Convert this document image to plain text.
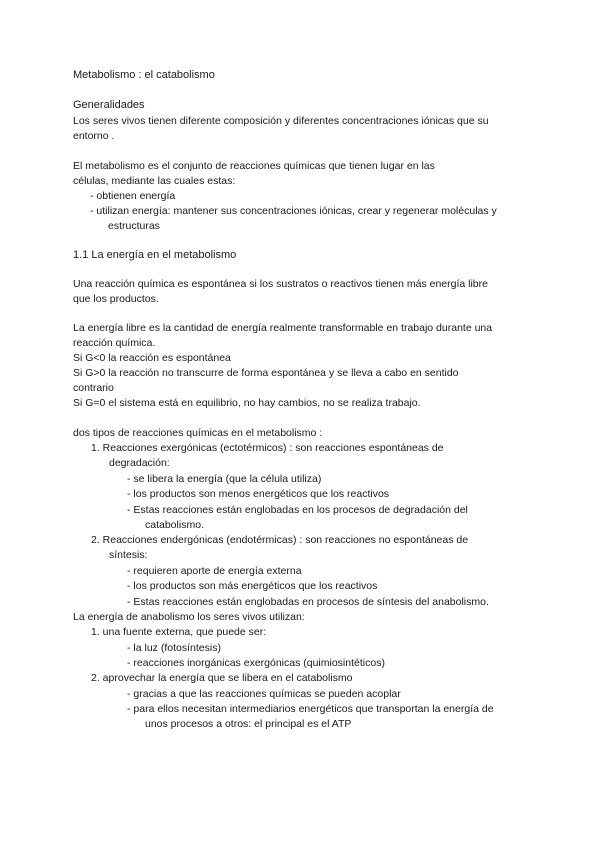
Metabolismo : el catabolismo
Generalidades
Los seres vivos tienen diferente composición y diferentes concentraciones iónicas que su
entorno .
El metabolismo es el conjunto de reacciones químicas que tienen lugar en las
células, mediante las cuales estas:
- obtienen energía
- utilizan energía: mantener sus concentraciones iónicas, crear y regenerar moléculas y
estructuras
1.1 La energía en el metabolismo
Una reacción química es espontánea si los sustratos o reactivos tienen más energía libre
que los productos.
La energía libre es la cantidad de energía realmente transformable en trabajo durante una
reacción química.
Si G<0 la reacción es espontánea
Si G>0 la reacción no transcurre de forma espontánea y se lleva a cabo en sentido
contrario
Si G=0 el sistema está en equilibrio, no hay cambios, no se realiza trabajo.
dos tipos de reacciones químicas en el metabolismo :
1. Reacciones exergónicas (ectotérmicos) : son reacciones espontáneas de
degradación:
- se libera la energía (que la célula utiliza)
- los productos son menos energéticos que los reactivos
- Estas reacciones están englobadas en los procesos de degradación del
catabolismo.
2. Reacciones endergónicas (endotérmicas) : son reacciones no espontáneas de
síntesis:
- requieren aporte de energía externa
- los productos son más energéticos que los reactivos
- Estas reacciones están englobadas en procesos de síntesis del anabolismo.
La energía de anabolismo los seres vivos utilizan:
1. una fuente externa, que puede ser:
- la luz (fotosíntesis)
- reacciones inorgánicas exergónicas (quimiosintéticos)
2. aprovechar la energía que se libera en el catabolismo
- gracias a que las reacciones químicas se pueden acoplar
- para ellos necesitan intermediarios energéticos que transportan la energía de
unos procesos a otros: el principal es el ATP
